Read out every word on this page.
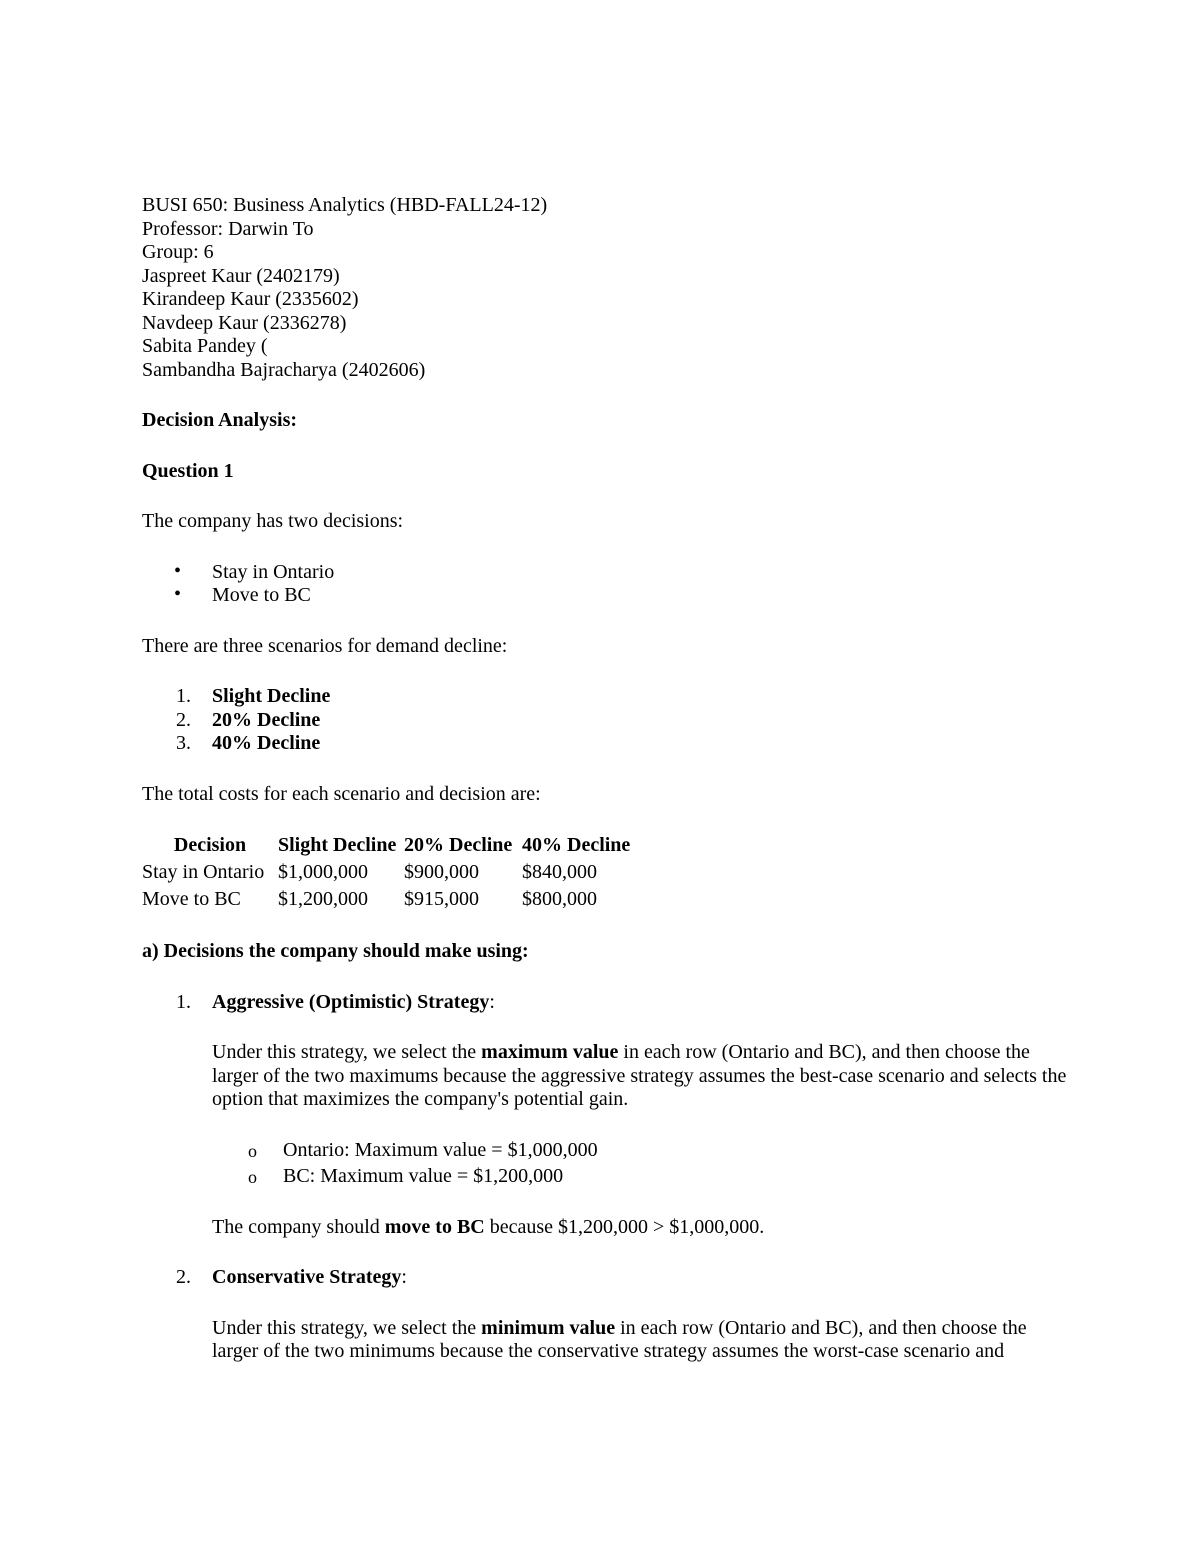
BUSI 650: Business Analytics (HBD-FALL24-12)
Professor: Darwin To
Group: 6
Jaspreet Kaur (2402179)
Kirandeep Kaur (2335602)
Navdeep Kaur (2336278)
Sabita Pandey (
Sambandha Bajracharya (2402606)
Decision Analysis:
Question 1
The company has two decisions:
• Stay in Ontario
• Move to BC
There are three scenarios for demand decline:
1. Slight Decline
2. 20% Decline
3. 40% Decline
The total costs for each scenario and decision are:
Decision	Slight Decline	20% Decline	40% Decline
Stay in Ontario	$1,000,000	$900,000	$840,000
Move to BC	$1,200,000	$915,000	$800,000
a) Decisions the company should make using:
1. Aggressive (Optimistic) Strategy:
Under this strategy, we select the maximum value in each row (Ontario and BC), and then choose the larger of the two maximums because the aggressive strategy assumes the best-case scenario and selects the option that maximizes the company's potential gain.
o Ontario: Maximum value = $1,000,000
o BC: Maximum value = $1,200,000
The company should move to BC because $1,200,000 > $1,000,000.
2. Conservative Strategy:
Under this strategy, we select the minimum value in each row (Ontario and BC), and then choose the larger of the two minimums because the conservative strategy assumes the worst-case scenario and
